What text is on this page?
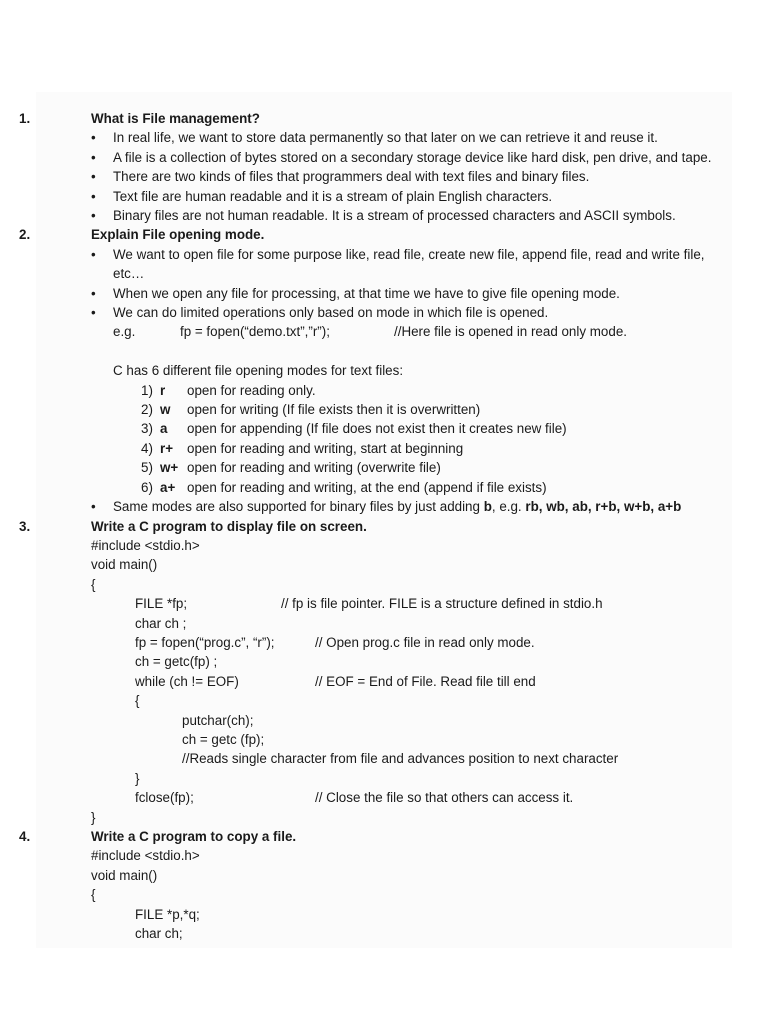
1.	What is File management?
•	In real life, we want to store data permanently so that later on we can retrieve it and reuse it.
•	A file is a collection of bytes stored on a secondary storage device like hard disk, pen drive, and tape.
•	There are two kinds of files that programmers deal with text files and binary files.
•	Text file are human readable and it is a stream of plain English characters.
•	Binary files are not human readable. It is a stream of processed characters and ASCII symbols.
2.	Explain File opening mode.
•	We want to open file for some purpose like, read file, create new file, append file, read and write file, etc…
•	When we open any file for processing, at that time we have to give file opening mode.
•	We can do limited operations only based on mode in which file is opened.
e.g.	fp = fopen(“demo.txt”,”r”);	//Here file is opened in read only mode.
C has 6 different file opening modes for text files:
1) r	open for reading only.
2) w	open for writing (If file exists then it is overwritten)
3) a	open for appending (If file does not exist then it creates new file)
4) r+	open for reading and writing, start at beginning
5) w+ open for reading and writing (overwrite file)
6) a+ open for reading and writing, at the end (append if file exists)
•	Same modes are also supported for binary files by just adding b, e.g. rb, wb, ab, r+b, w+b, a+b
3.	Write a C program to display file on screen.
#include <stdio.h>
void main()
{
FILE *fp;	// fp is file pointer. FILE is a structure defined in stdio.h
char ch ;
fp = fopen(“prog.c”, “r”);	// Open prog.c file in read only mode.
ch = getc(fp) ;
while (ch != EOF)	// EOF = End of File. Read file till end
{
putchar(ch);
ch = getc (fp);
//Reads single character from file and advances position to next character
}
fclose(fp);	// Close the file so that others can access it.
}
4.	Write a C program to copy a file.
#include <stdio.h>
void main()
{
FILE *p,*q;
char ch;
